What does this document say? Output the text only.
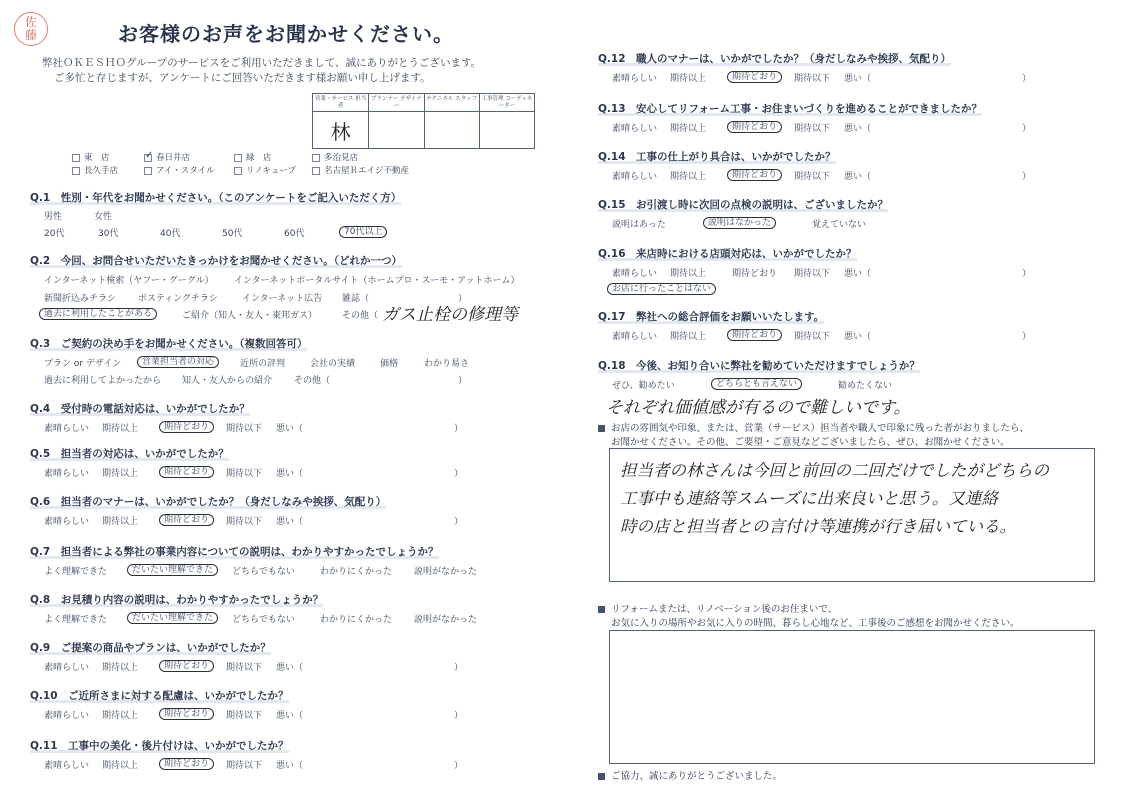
佐
藤	お客様のお声をお聞かせください。
弊社ＯＫＥＳＨＯグループのサービスをご利用いただきまして、誠にありがとうございます。
ご多忙と存じますが、アンケートにご回答いただきます様お願い申し上げます。
営業・サービス 担当者
林
プランナー デザイナー
テクニカル スタッフ 工事管理 コーディネーター
東　店	✓ 春日井店	緑　店	多治見店
長久手店	アイ・スタイル	リノキューブ	名古屋Ｒエイジ不動産
Q.1　性別・年代をお聞かせください。（このアンケートをご記入いただく方）
男性	女性
20代	30代	40代	50代	60代	70代以上
Q.2　今回、お問合せいただいたきっかけをお聞かせください。（どれか一つ）
インターネット検索（ヤフー・グーグル） インターネットポータルサイト（ホームプロ・スーモ・アットホーム）
新聞折込みチラシ ポスティングチラシ	インターネット広告 雑誌（	）
過去に利用したことがある	ご紹介（知人・友人・東邦ガス）	その他（ ガス止栓の修理等
Q.3　ご契約の決め手をお聞かせください。（複数回答可）
プラン or デザイン 営業担当者の対応	近所の評判	会社の実績	価格	わかり易さ
過去に利用してよかったから 知人・友人からの紹介 その他（	）
Q.4　受付時の電話対応は、いかがでしたか？
素晴らしい 期待以上	期待どおり	期待以下 悪い（	）
Q.5　担当者の対応は、いかがでしたか？
素晴らしい 期待以上	期待どおり	期待以下 悪い（	）
Q.6　担当者のマナーは、いかがでしたか？（身だしなみや挨拶、気配り）
素晴らしい 期待以上	期待どおり	期待以下 悪い（	）
Q.9　ご提案の商品やプランは、いかがでしたか？
素晴らしい 期待以上	期待どおり	期待以下 悪い（	）
Q.10　ご近所さまに対する配慮は、いかがでしたか？
素晴らしい 期待以上	期待どおり	期待以下 悪い（	）
Q.11　工事中の美化・後片付けは、いかがでしたか？
素晴らしい 期待以上	期待どおり	期待以下 悪い（	）
Q.7　担当者による弊社の事業内容についての説明は、わかりやすかったでしょうか？
よく理解できた	だいたい理解できた	どちらでもない	わかりにくかった 説明がなかった
Q.8　お見積り内容の説明は、わかりやすかったでしょうか？
よく理解できた	だいたい理解できた	どちらでもない	わかりにくかった 説明がなかった
Q.15　お引渡し時に次回の点検の説明は、ございましたか？
説明はあった	説明はなかった	覚えていない
Q.16　来店時における店頭対応は、いかがでしたか？
お店に行ったことはない
Q.18　今後、お知り合いに弊社を勧めていただけますでしょうか？
ぜひ、勧めたい	どちらとも言えない	勧めたくない
それぞれ価値感が有るので難しいです。
お店の雰囲気や印象、または、営業（サービス）担当者や職人で印象に残った者がおりましたら、
お聞かせください。その他、ご要望・ご意見などございましたら、ぜひ、お聞かせください。
担当者の林さんは今回と前回の二回だけでしたがどちらの
工事中も連絡等スムーズに出来良いと思う。又連絡
時の店と担当者との言付け等連携が行き届いている。
リフォームまたは、リノベーション後のお住まいで、
お気に入りの場所やお気に入りの時間、暮らし心地など、工事後のご感想をお聞かせください。
ご協力、誠にありがとうございました。
Q.12　職人のマナーは、いかがでしたか？（身だしなみや挨拶、気配り）
素晴らしい 期待以上	期待どおり	期待以下 悪い（	）
Q.13　安心してリフォーム工事・お住まいづくりを進めることができましたか？
素晴らしい 期待以上	期待どおり	期待以下 悪い（	）
Q.14　工事の仕上がり具合は、いかがでしたか？
素晴らしい 期待以上	期待どおり	期待以下 悪い（	）
Q.17　弊社への総合評価をお願いいたします。
素晴らしい 期待以上	期待どおり	期待以下 悪い（	）
素晴らしい 期待以上	期待どおり 期待以下 悪い（	）
